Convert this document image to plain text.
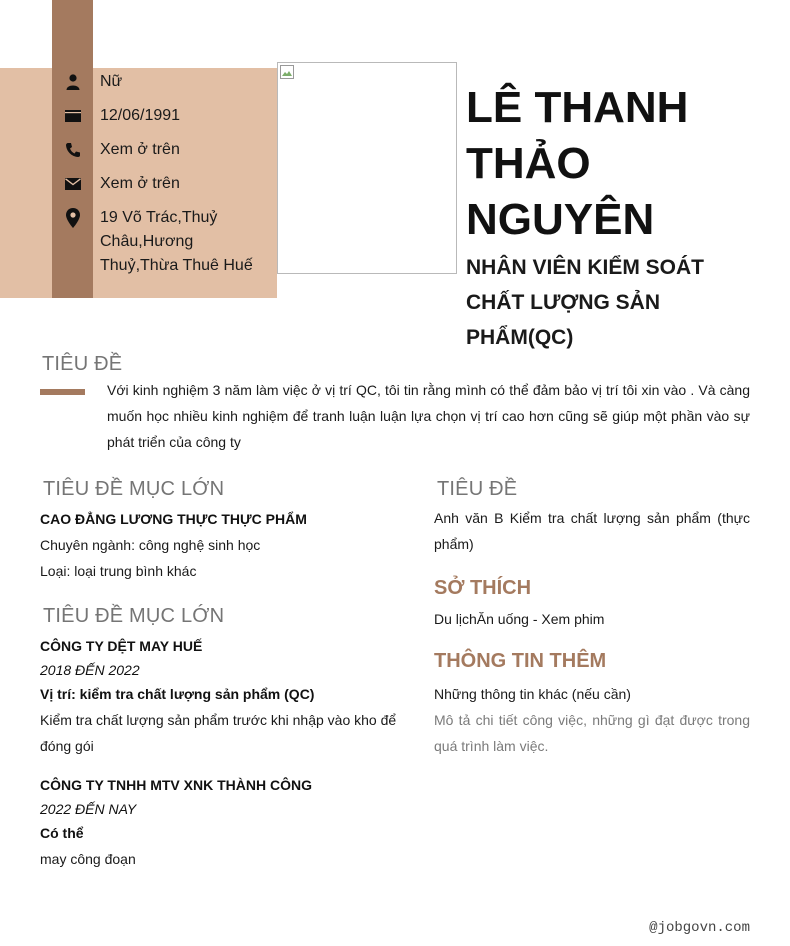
Nữ
12/06/1991
Xem ở trên
Xem ở trên
19 Võ Trác,Thuỷ Châu,Hương Thuỷ,Thừa Thuê Huế
LÊ THANH THẢO NGUYÊN
NHÂN VIÊN KIỂM SOÁT CHẤT LƯỢNG SẢN PHẨM(QC)
TIÊU ĐỀ
Với kinh nghiệm 3 năm làm việc ở vị trí QC, tôi tin rằng mình có thể đảm bảo vị trí tôi xin vào . Và càng muốn học nhiều kinh nghiệm để tranh luận luận lựa chọn vị trí cao hơn cũng sẽ giúp một phần vào sự phát triển của công ty
TIÊU ĐỀ MỤC LỚN
CAO ĐẲNG LƯƠNG THỰC THỰC PHẨM
Chuyên ngành: công nghệ sinh học
Loại: loại trung bình khác
TIÊU ĐỀ MỤC LỚN
CÔNG TY DỆT MAY HUẾ
2018 ĐẾN 2022
Vị trí: kiểm tra chất lượng sản phẩm (QC)
Kiểm tra chất lượng sản phẩm trước khi nhập vào kho để đóng gói
CÔNG TY TNHH MTV XNK THÀNH CÔNG
2022 ĐẾN NAY
Có thể
may công đoạn
TIÊU ĐỀ
Anh văn B Kiểm tra chất lượng sản phẩm (thực phẩm)
SỞ THÍCH
Du lịchĂn uống - Xem phim
THÔNG TIN THÊM
Những thông tin khác (nếu cần)
Mô tả chi tiết công việc, những gì đạt được trong quá trình làm việc.
@jobgovn.com
